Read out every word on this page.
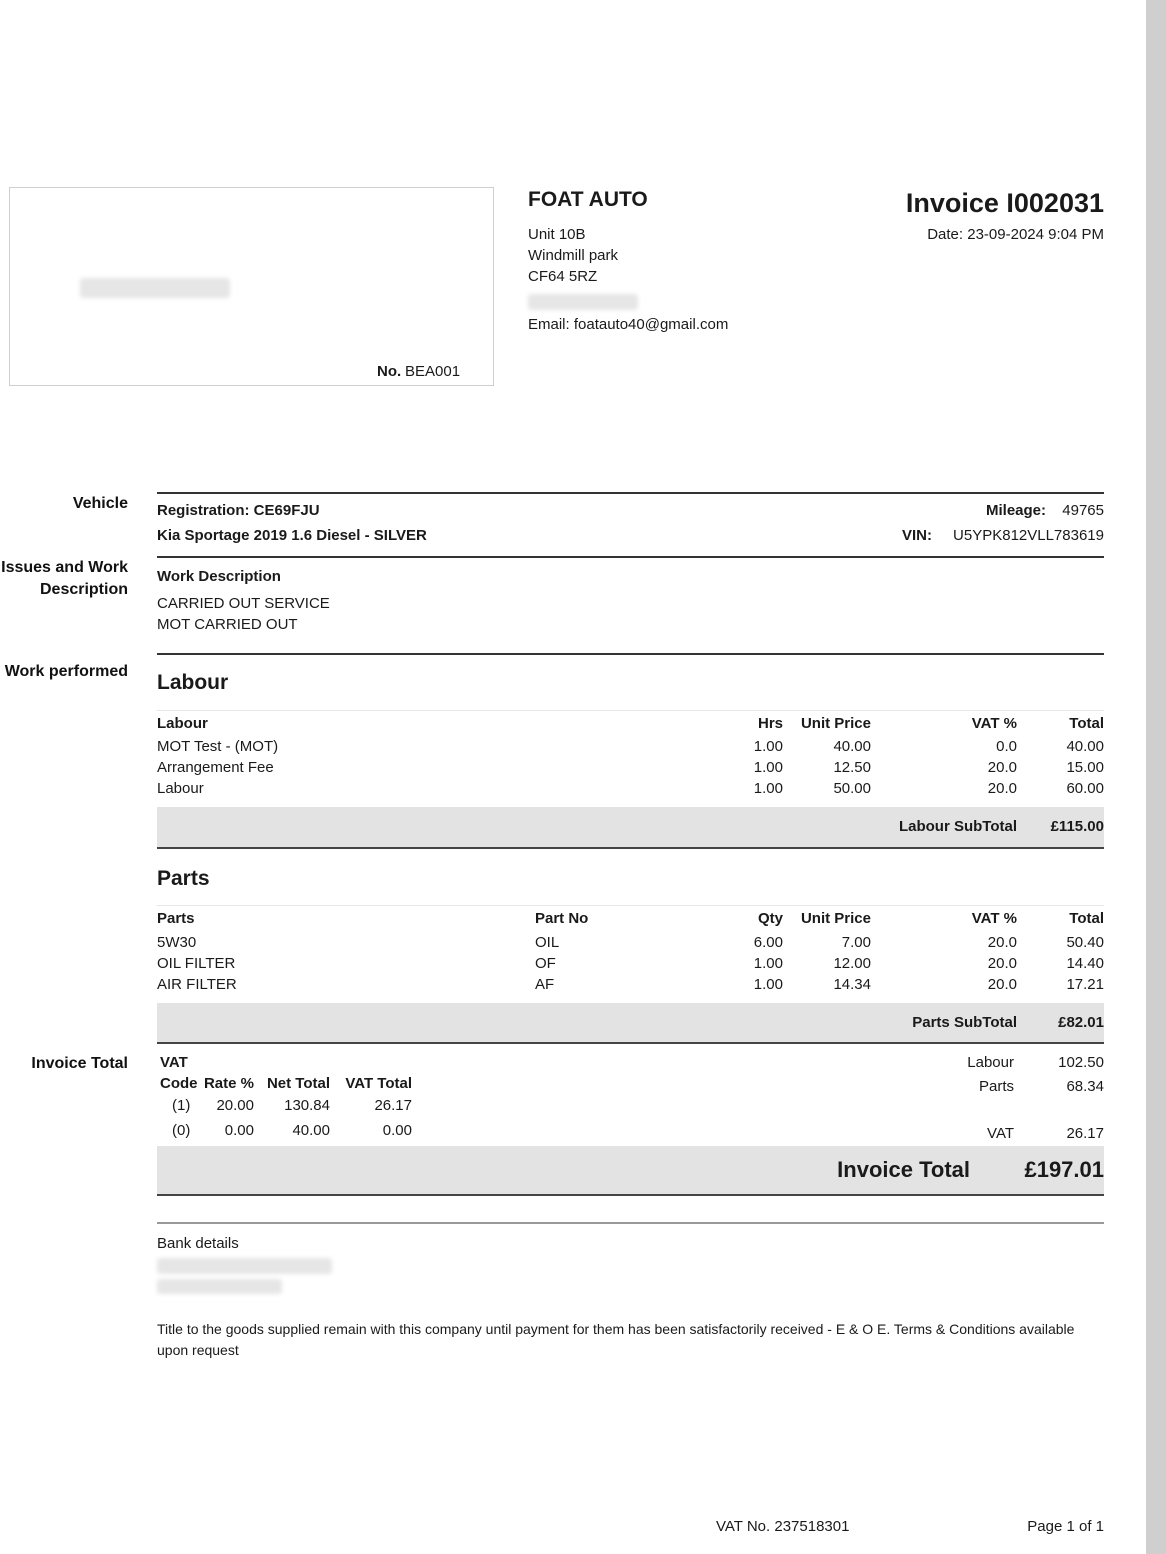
No. BEA001
FOAT AUTO
Unit 10B
Windmill park
CF64 5RZ
Email: foatauto40@gmail.com
Invoice I002031
Date: 23-09-2024 9:04 PM
Vehicle
Issues and Work
Description
Work performed
Invoice Total
Registration: CE69FJU
Kia Sportage 2019 1.6 Diesel - SILVER
Mileage: 49765
VIN: U5YPK812VLL783619
Work Description
CARRIED OUT SERVICE
MOT CARRIED OUT
Labour
Labour	Hrs Unit Price	VAT %	Total
MOT Test - (MOT)	1.00	40.00	0.0	40.00
Arrangement Fee	1.00	12.50	20.0	15.00
Labour	1.00	50.00	20.0	60.00
Labour SubTotal £115.00
Parts
Parts	Part No	Qty Unit Price	VAT %	Total
5W30	OIL	6.00	7.00	20.0	50.40
OIL FILTER	OF	1.00	12.00	20.0	14.40
AIR FILTER	AF	1.00	14.34	20.0	17.21
Parts SubTotal	£82.01
VAT
Code Rate % Net Total VAT Total
(1) 20.00 130.84	26.17
(0) 0.00	40.00	0.00
Labour	102.50
Parts	68.34
VAT	26.17
Invoice Total £197.01
Bank details
Title to the goods supplied remain with this company until payment for them has been satisfactorily received - E & O E. Terms & Conditions available
upon request
VAT No. 237518301	Page 1 of 1
